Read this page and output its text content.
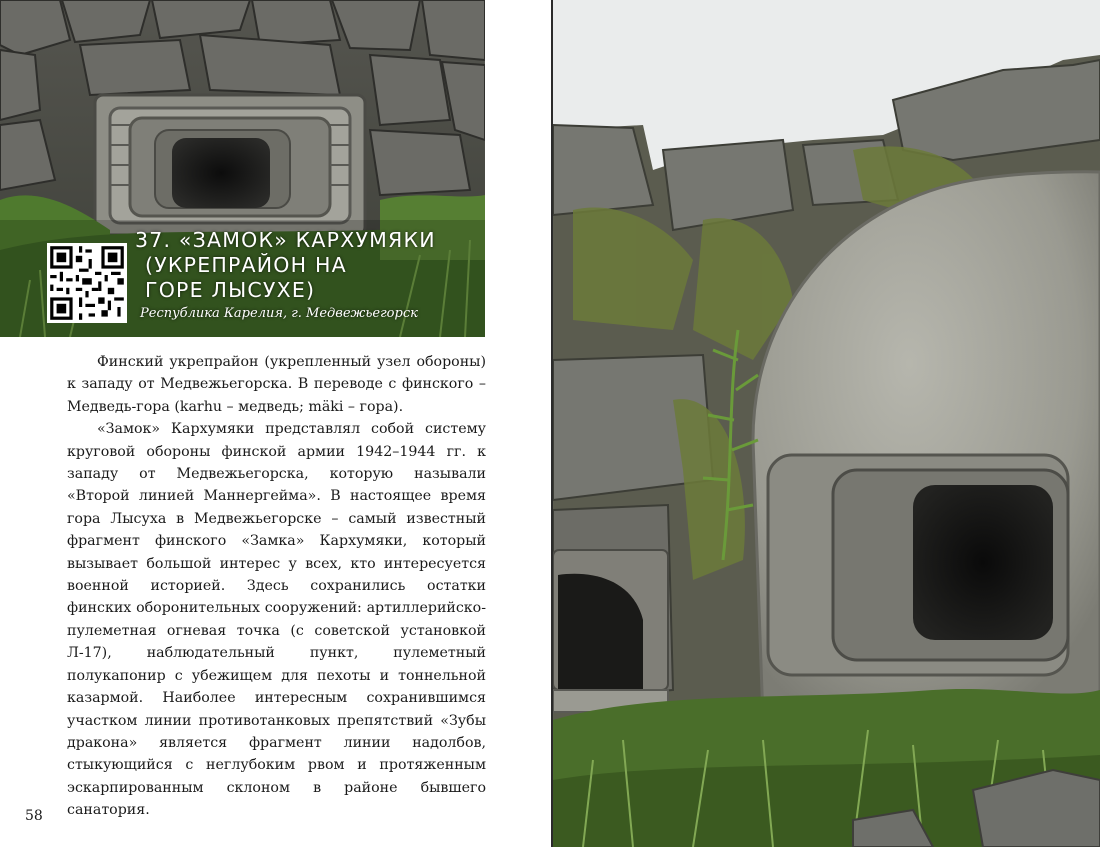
37. «ЗАМОК» КАРХУМЯКИ
(УКРЕПРАЙОН НА
ГОРЕ ЛЫСУХЕ)
Республика Карелия, г. Медвежьегорск

Финский укрепрайон (укрепленный узел обороны) к западу от Медвежьегорска. В переводе с финского – Медведь-гора (karhu – медведь; mäki – гора).

«Замок» Кархумяки представлял собой систему круговой обороны финской армии 1942–1944 гг. к западу от Медвежьегорска, которую называли «Второй линией Маннергейма». В настоящее время гора Лысуха в Медвежьегорске – самый известный фрагмент финского «Замка» Кархумяки, который вызывает большой интерес у всех, кто интересуется военной историей. Здесь сохранились остатки финских оборонительных сооружений: артиллерийско-пулеметная огневая точка (с советской установкой Л-17), наблюдательный пункт, пулеметный полукапонир с убежищем для пехоты и тоннельной казармой. Наиболее интересным сохранившимся участком линии противотанковых препятствий «Зубы дракона» является фрагмент линии надолбов, стыкующийся с неглубоким рвом и протяженным эскарпированным склоном в районе бывшего санатория.

58
